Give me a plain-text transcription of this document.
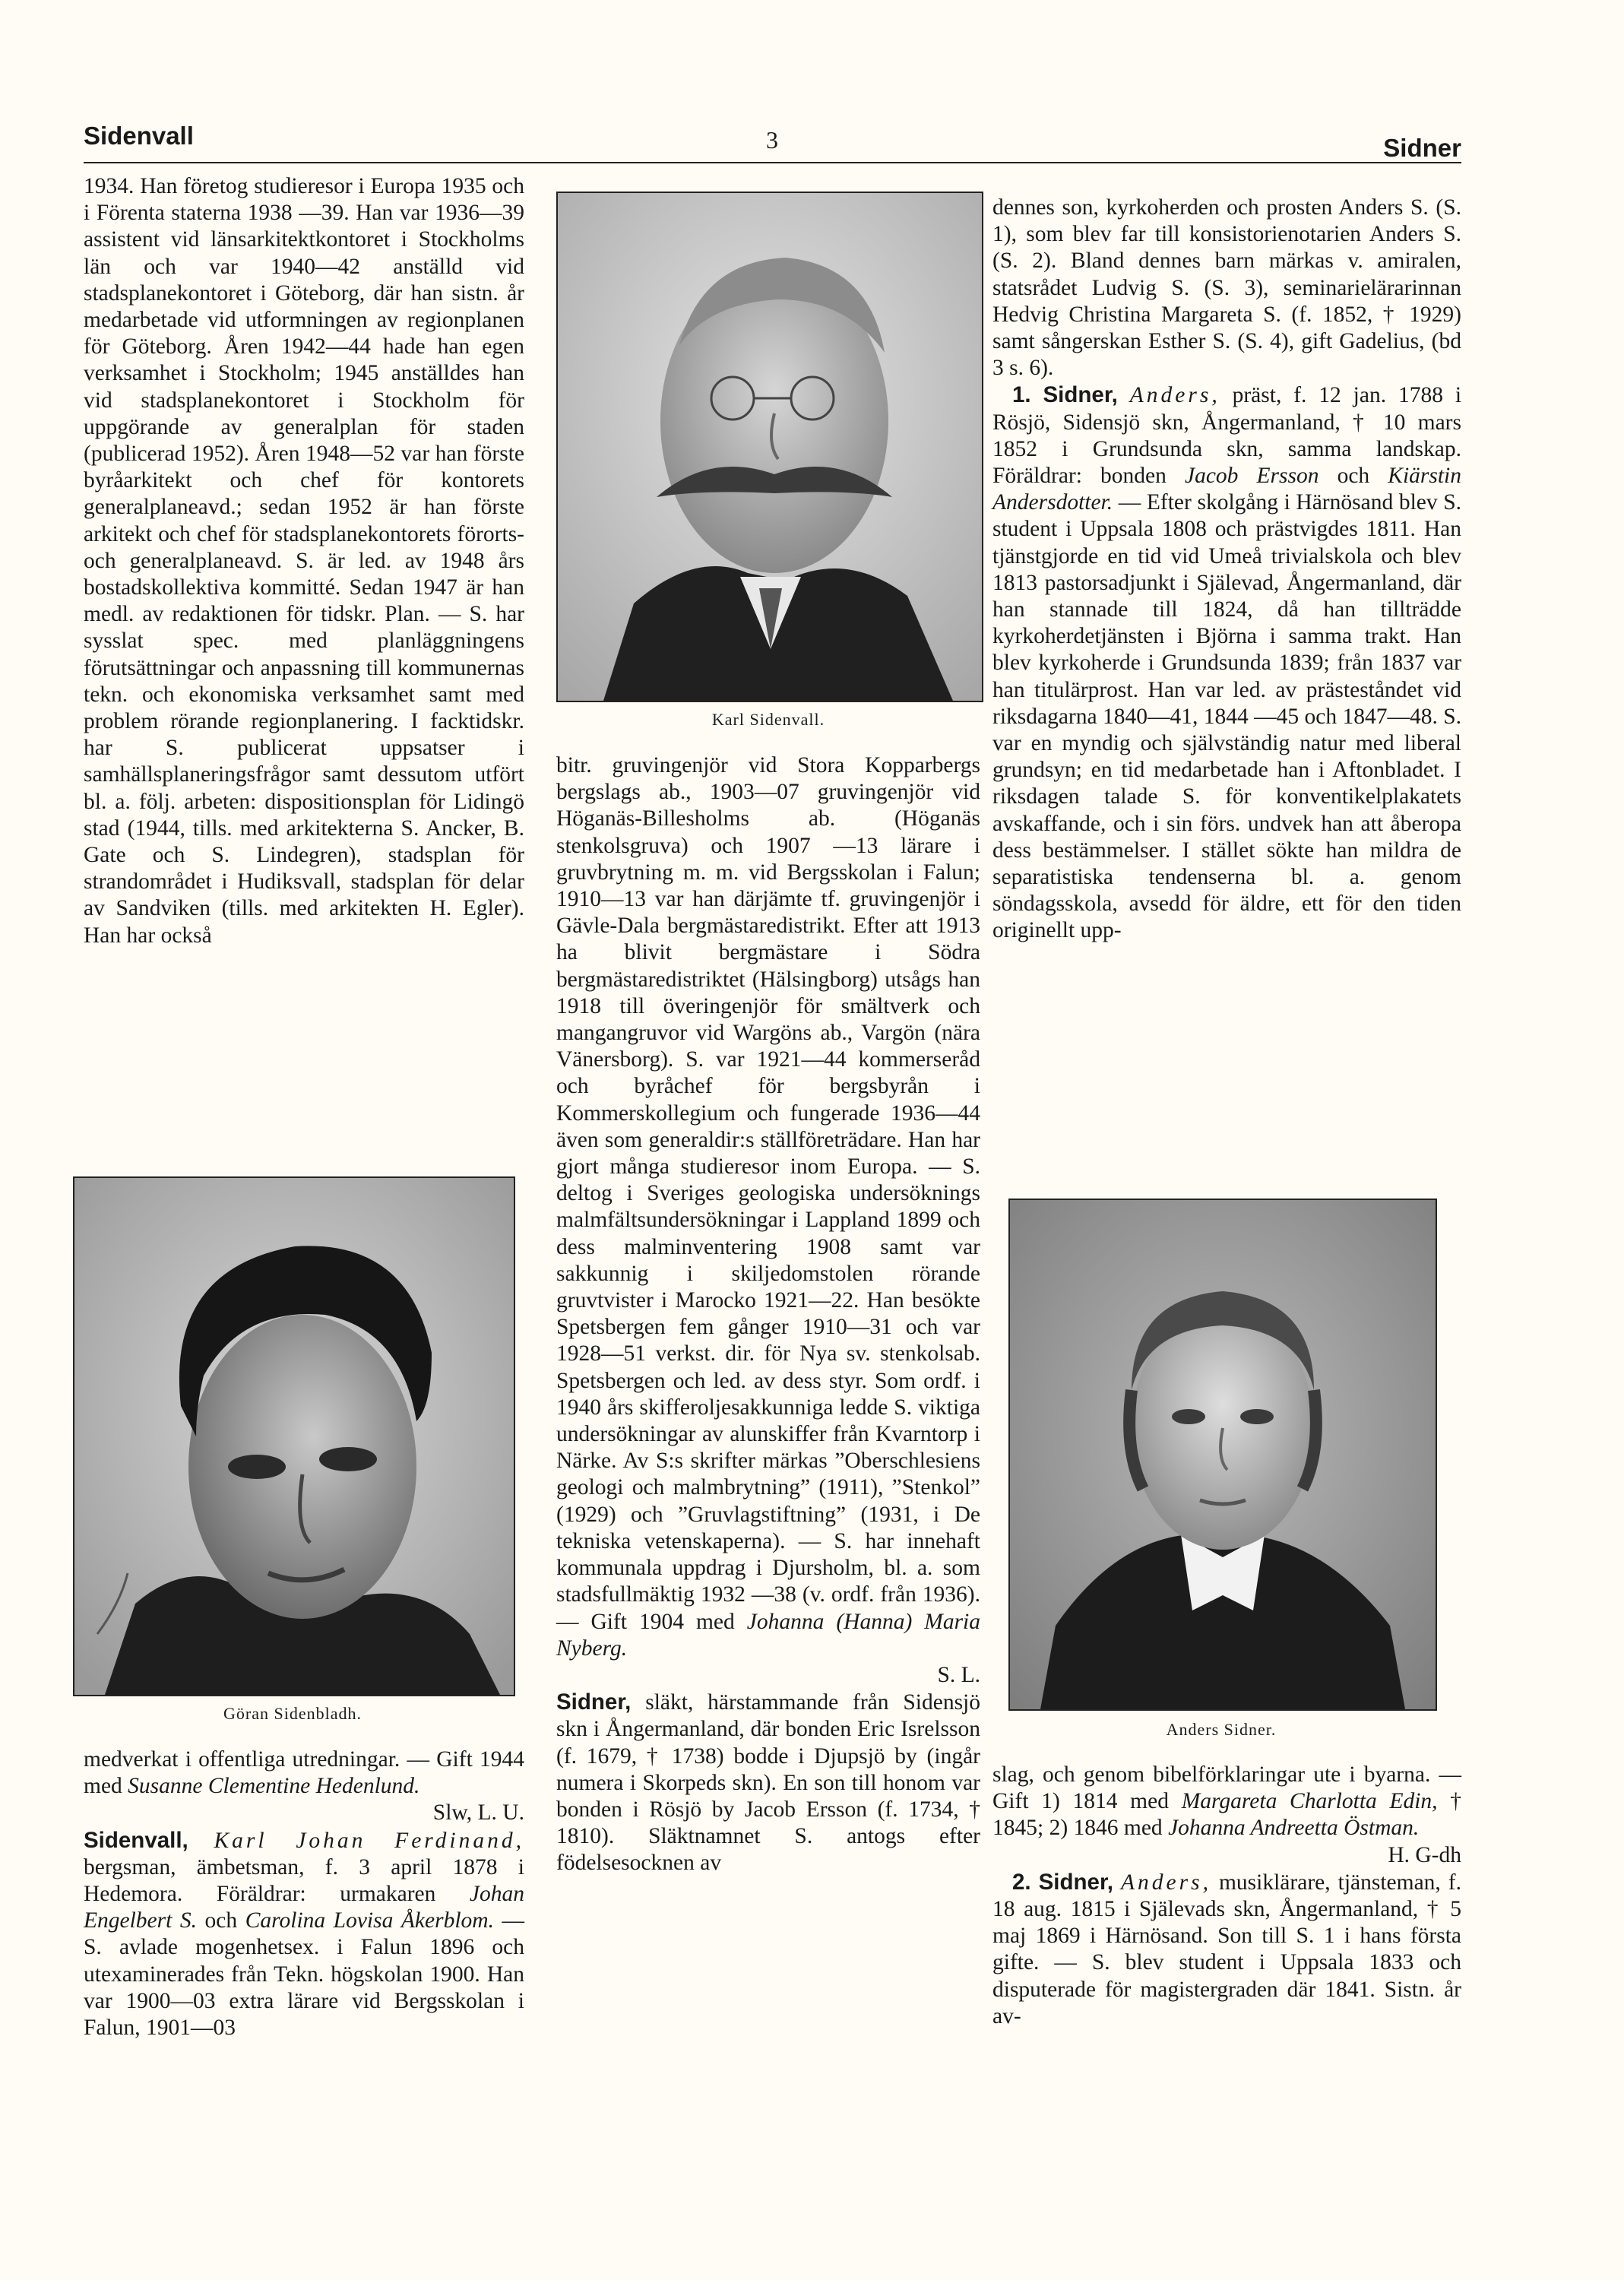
Sidenvall	3	Sidner

1934. Han företog studieresor i Europa 1935 och i Förenta staterna 1938 —39. Han var 1936—39 assistent vid länsarkitektkontoret i Stockholms län och var 1940—42 anställd vid stadsplanekontoret i Göteborg, där han sistn. år medarbetade vid utformningen av regionplanen för Göteborg. Åren 1942—44 hade han egen verksamhet i Stockholm; 1945 anställdes han vid stadsplanekontoret i Stockholm för uppgörande av generalplan för staden (publicerad 1952). Åren 1948—52 var han förste byråarkitekt och chef för kontorets generalplaneavd.; sedan 1952 är han förste arkitekt och chef för stadsplanekontorets förorts- och generalplaneavd. S. är led. av 1948 års bostadskollektiva kommitté. Sedan 1947 är han medl. av redaktionen för tidskr. Plan. — S. har sysslat spec. med planläggningens förutsättningar och anpassning till kommunernas tekn. och ekonomiska verksamhet samt med problem rörande regionplanering. I facktidskr. har S. publicerat uppsatser i samhällsplaneringsfrågor samt dessutom utfört bl. a. följ. arbeten: dispositionsplan för Lidingö stad (1944, tills. med arkitekterna S. Ancker, B. Gate och S. Lindegren), stadsplan för strandområdet i Hudiksvall, stadsplan för delar av Sandviken (tills. med arkitekten H. Egler). Han har också

Göran Sidenbladh.

medverkat i offentliga utredningar. — Gift 1944 med Susanne Clementine Hedenlund.

Slw, L. U.

Sidenvall, Karl Johan Ferdinand, bergsman, ämbetsman, f. 3 april 1878 i Hedemora. Föräldrar: urmakaren Johan Engelbert S. och Carolina Lovisa Åkerblom. — S. avlade mogenhetsex. i Falun 1896 och utexaminerades från Tekn. högskolan 1900. Han var 1900—03 extra lärare vid Bergsskolan i Falun, 1901—03

Karl Sidenvall.

bitr. gruvingenjör vid Stora Kopparbergs bergslags ab., 1903—07 gruvingenjör vid Höganäs-Billesholms ab. (Höganäs stenkolsgruva) och 1907 —13 lärare i gruvbrytning m. m. vid Bergsskolan i Falun; 1910—13 var han därjämte tf. gruvingenjör i Gävle-Dala bergmästaredistrikt. Efter att 1913 ha blivit bergmästare i Södra bergmästaredistriktet (Hälsingborg) utsågs han 1918 till överingenjör för smältverk och mangangruvor vid Wargöns ab., Vargön (nära Vänersborg). S. var 1921—44 kommerseråd och byråchef för bergsbyrån i Kommerskollegium och fungerade 1936—44 även som generaldir:s ställföreträdare. Han har gjort många studieresor inom Europa. — S. deltog i Sveriges geologiska undersöknings malmfältsundersökningar i Lappland 1899 och dess malminventering 1908 samt var sakkunnig i skiljedomstolen rörande gruvtvister i Marocko 1921—22. Han besökte Spetsbergen fem gånger 1910—31 och var 1928—51 verkst. dir. för Nya sv. stenkolsab. Spetsbergen och led. av dess styr. Som ordf. i 1940 års skifferoljesakkunniga ledde S. viktiga undersökningar av alunskiffer från Kvarntorp i Närke. Av S:s skrifter märkas ”Oberschlesiens geologi och malmbrytning” (1911), ”Stenkol” (1929) och ”Gruvlagstiftning” (1931, i De tekniska vetenskaperna). — S. har innehaft kommunala uppdrag i Djursholm, bl. a. som stadsfullmäktig 1932 —38 (v. ordf. från 1936). — Gift 1904 med Johanna (Hanna) Maria Nyberg.

S. L.

Sidner, släkt, härstammande från Sidensjö skn i Ångermanland, där bonden Eric Isrelsson (f. 1679, † 1738) bodde i Djupsjö by (ingår numera i Skorpeds skn). En son till honom var bonden i Rösjö by Jacob Ersson (f. 1734, † 1810). Släktnamnet S. antogs efter födelsesocknen av

dennes son, kyrkoherden och prosten Anders S. (S. 1), som blev far till konsistorienotarien Anders S. (S. 2). Bland dennes barn märkas v. amiralen, statsrådet Ludvig S. (S. 3), seminarielärarinnan Hedvig Christina Margareta S. (f. 1852, † 1929) samt sångerskan Esther S. (S. 4), gift Gadelius, (bd 3 s. 6).

1. Sidner, Anders, präst, f. 12 jan. 1788 i Rösjö, Sidensjö skn, Ångermanland, † 10 mars 1852 i Grundsunda skn, samma landskap. Föräldrar: bonden Jacob Ersson och Kiärstin Andersdotter. — Efter skolgång i Härnösand blev S. student i Uppsala 1808 och prästvigdes 1811. Han tjänstgjorde en tid vid Umeå trivialskola och blev 1813 pastorsadjunkt i Själevad, Ångermanland, där han stannade till 1824, då han tillträdde kyrkoherdetjänsten i Björna i samma trakt. Han blev kyrkoherde i Grundsunda 1839; från 1837 var han titulärprost. Han var led. av prästeståndet vid riksdagarna 1840—41, 1844 —45 och 1847—48. S. var en myndig och självständig natur med liberal grundsyn; en tid medarbetade han i Aftonbladet. I riksdagen talade S. för konventikelplakatets avskaffande, och i sin förs. undvek han att åberopa dess bestämmelser. I stället sökte han mildra de separatistiska tendenserna bl. a. genom söndagsskola, avsedd för äldre, ett för den tiden originellt upp-

Anders Sidner.

slag, och genom bibelförklaringar ute i byarna. — Gift 1) 1814 med Margareta Charlotta Edin, † 1845; 2) 1846 med Johanna Andreetta Östman.

H. G-dh

2. Sidner, Anders, musiklärare, tjänsteman, f. 18 aug. 1815 i Själevads skn, Ångermanland, † 5 maj 1869 i Härnösand. Son till S. 1 i hans första gifte. — S. blev student i Uppsala 1833 och disputerade för magistergraden där 1841. Sistn. år av-
